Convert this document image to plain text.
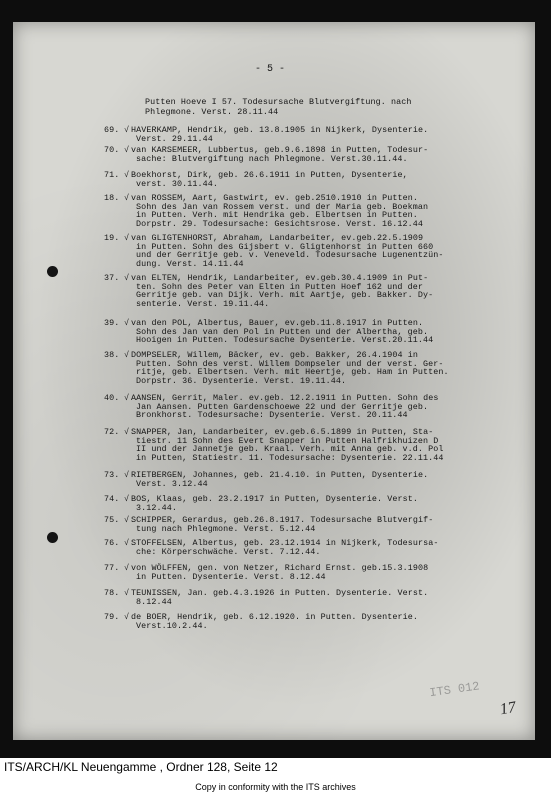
- 5 -
Putten Hoeve I 57. Todesursache Blutvergiftung. nach
Phlegmone. Verst. 28.11.44
69. √ HAVERKAMP, Hendrik, geb. 13.8.1905 in Nijkerk, Dysenterie.
Verst. 29.11.44
70. √ van KARSEMEER, Lubbertus, geb.9.6.1898 in Putten, Todesur-
sache: Blutvergiftung nach Phlegmone. Verst.30.11.44.
71. √ Boekhorst, Dirk, geb. 26.6.1911 in Putten, Dysenterie,
verst. 30.11.44.
18. √ van ROSSEM, Aart, Gastwirt, ev. geb.2510.1910 in Putten.
Sohn des Jan van Rossem verst. und der Maria geb. Boekman
in Putten. Verh. mit Hendrika geb. Elbertsen in Putten.
Dorpstr. 29. Todesursache: Gesichtsrose. Verst. 16.12.44
19. √ van GLIGTENHORST, Abraham, Landarbeiter, ev.geb.22.5.1909
in Putten. Sohn des Gijsbert v. Gligtenhorst in Putten 660
und der Gerritje geb. v. Veneveld. Todesursache Lugenentzün-
dung. Verst. 14.11.44
37. √ van ELTEN, Hendrik, Landarbeiter, ev.geb.30.4.1909 in Put-
ten. Sohn des Peter van Elten in Putten Hoef 162 und der
Gerritje geb. van Dijk. Verh. mit Aartje, geb. Bakker. Dy-
senterie. Verst. 19.11.44.
39. √ van den POL, Albertus, Bauer, ev.geb.11.8.1917 in Putten.
Sohn des Jan van den Pol in Putten und der Albertha, geb.
Hooigen in Putten. Todesursache Dysenterie. Verst.20.11.44
38. √ DOMPSELER, Willem, Bäcker, ev. geb. Bakker, 26.4.1904 in
Putten. Sohn des verst. Willem Dompseler und der verst. Ger-
ritje, geb. Elbertsen. Verh. mit Heertje, geb. Ham in Putten.
Dorpstr. 36. Dysenterie. Verst. 19.11.44.
40. √ AANSEN, Gerrit, Maler. ev.geb. 12.2.1911 in Putten. Sohn des
Jan Aansen. Putten Gardenschoewe 22 und der Gerritje geb.
Bronkhorst. Todesursache: Dysenterie. Verst. 20.11.44
72. √ SNAPPER, Jan, Landarbeiter, ev.geb.6.5.1899 in Putten, Sta-
tiestr. 11 Sohn des Evert Snapper in Putten Halfrikhuizen D
II und der Jannetje geb. Kraal. Verh. mit Anna geb. v.d. Pol
in Putten, Statiestr. 11. Todesursache: Dysenterie. 22.11.44
73. √ RIETBERGEN, Johannes, geb. 21.4.10. in Putten, Dysenterie.
Verst. 3.12.44
74. √ BOS, Klaas, geb. 23.2.1917 in Putten, Dysenterie. Verst.
3.12.44.
75. √ SCHIPPER, Gerardus, geb.26.8.1917. Todesursache Blutvergif-
tung nach Phlegmone. Verst. 5.12.44
76. √ STOFFELSEN, Albertus, geb. 23.12.1914 in Nijkerk, Todesursa-
che: Körperschwäche. Verst. 7.12.44.
77. √ von WÖLFFEN, gen. von Netzer, Richard Ernst. geb.15.3.1908
in Putten. Dysenterie. Verst. 8.12.44
78. √ TEUNISSEN, Jan. geb.4.3.1926 in Putten. Dysenterie. Verst.
8.12.44
79. √ de BOER, Hendrik, geb. 6.12.1920. in Putten. Dysenterie.
Verst.10.2.44.
ITS 012
17
ITS/ARCH/KL Neuengamme , Ordner 128, Seite 12
Copy in conformity with the ITS archives
